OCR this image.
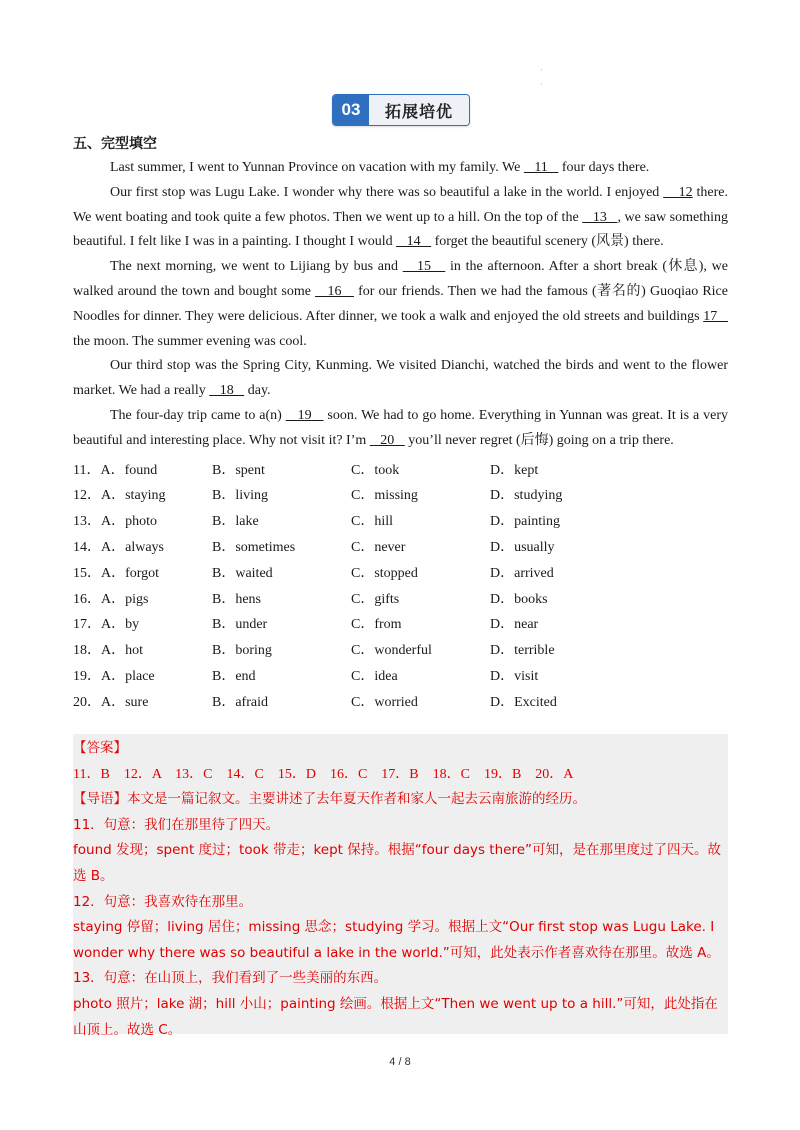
·
·
03	拓展培优
五、完型填空
Last summer, I went to Yunnan Province on vacation with my family. We    11    four days there.
Our first stop was Lugu Lake. I wonder why there was so beautiful a lake in the world. I enjoyed     12 there. We went boating and took quite a few photos. Then we went up to a hill. On the top of the    13   , we saw something beautiful. I felt like I was in a painting. I thought I would    14    forget the beautiful scenery (风景) there.
The next morning, we went to Lijiang by bus and    15    in the afternoon. After a short break (休息), we walked around the town and bought some    16    for our friends. Then we had the famous (著名的) Guoqiao Rice Noodles for dinner. They were delicious. After dinner, we took a walk and enjoyed the old streets and buildings 17    the moon. The summer evening was cool.
Our third stop was the Spring City, Kunming. We visited Dianchi, watched the birds and went to the flower market. We had a really    18    day.
The four-day trip came to a(n)    19    soon. We had to go home. Everything in Yunnan was great. It is a very beautiful and interesting place. Why not visit it? I’m    20    you’ll never regret (后悔) going on a trip there.
11．A．found	B．spent	C．took	D．kept
12．A．staying	B．living	C．missing	D．studying
13．A．photo	B．lake	C．hill	D．painting
14．A．always	B．sometimes	C．never	D．usually
15．A．forgot	B．waited	C．stopped	D．arrived
16．A．pigs	B．hens	C．gifts	D．books
17．A．by	B．under	C．from	D．near
18．A．hot	B．boring	C．wonderful	D．terrible
19．A．place	B．end	C．idea	D．visit
20．A．sure	B．afraid	C．worried	D．Excited
【答案】
11．B　12．A　13．C　14．C　15．D　16．C　17．B　18．C　19．B　20．A
【导语】本文是一篇记叙文。主要讲述了去年夏天作者和家人一起去云南旅游的经历。
11．句意：我们在那里待了四天。
found 发现；spent 度过；took 带走；kept 保持。根据“four days there”可知，是在那里度过了四天。故选 B。
12．句意：我喜欢待在那里。
staying 停留；living 居住；missing 思念；studying 学习。根据上文“Our first stop was Lugu Lake. I wonder why there was so beautiful a lake in the world.”可知，此处表示作者喜欢待在那里。故选 A。
13．句意：在山顶上，我们看到了一些美丽的东西。
photo 照片；lake 湖；hill 小山；painting 绘画。根据上文“Then we went up to a hill.”可知，此处指在山顶上。故选 C。
4 / 8
